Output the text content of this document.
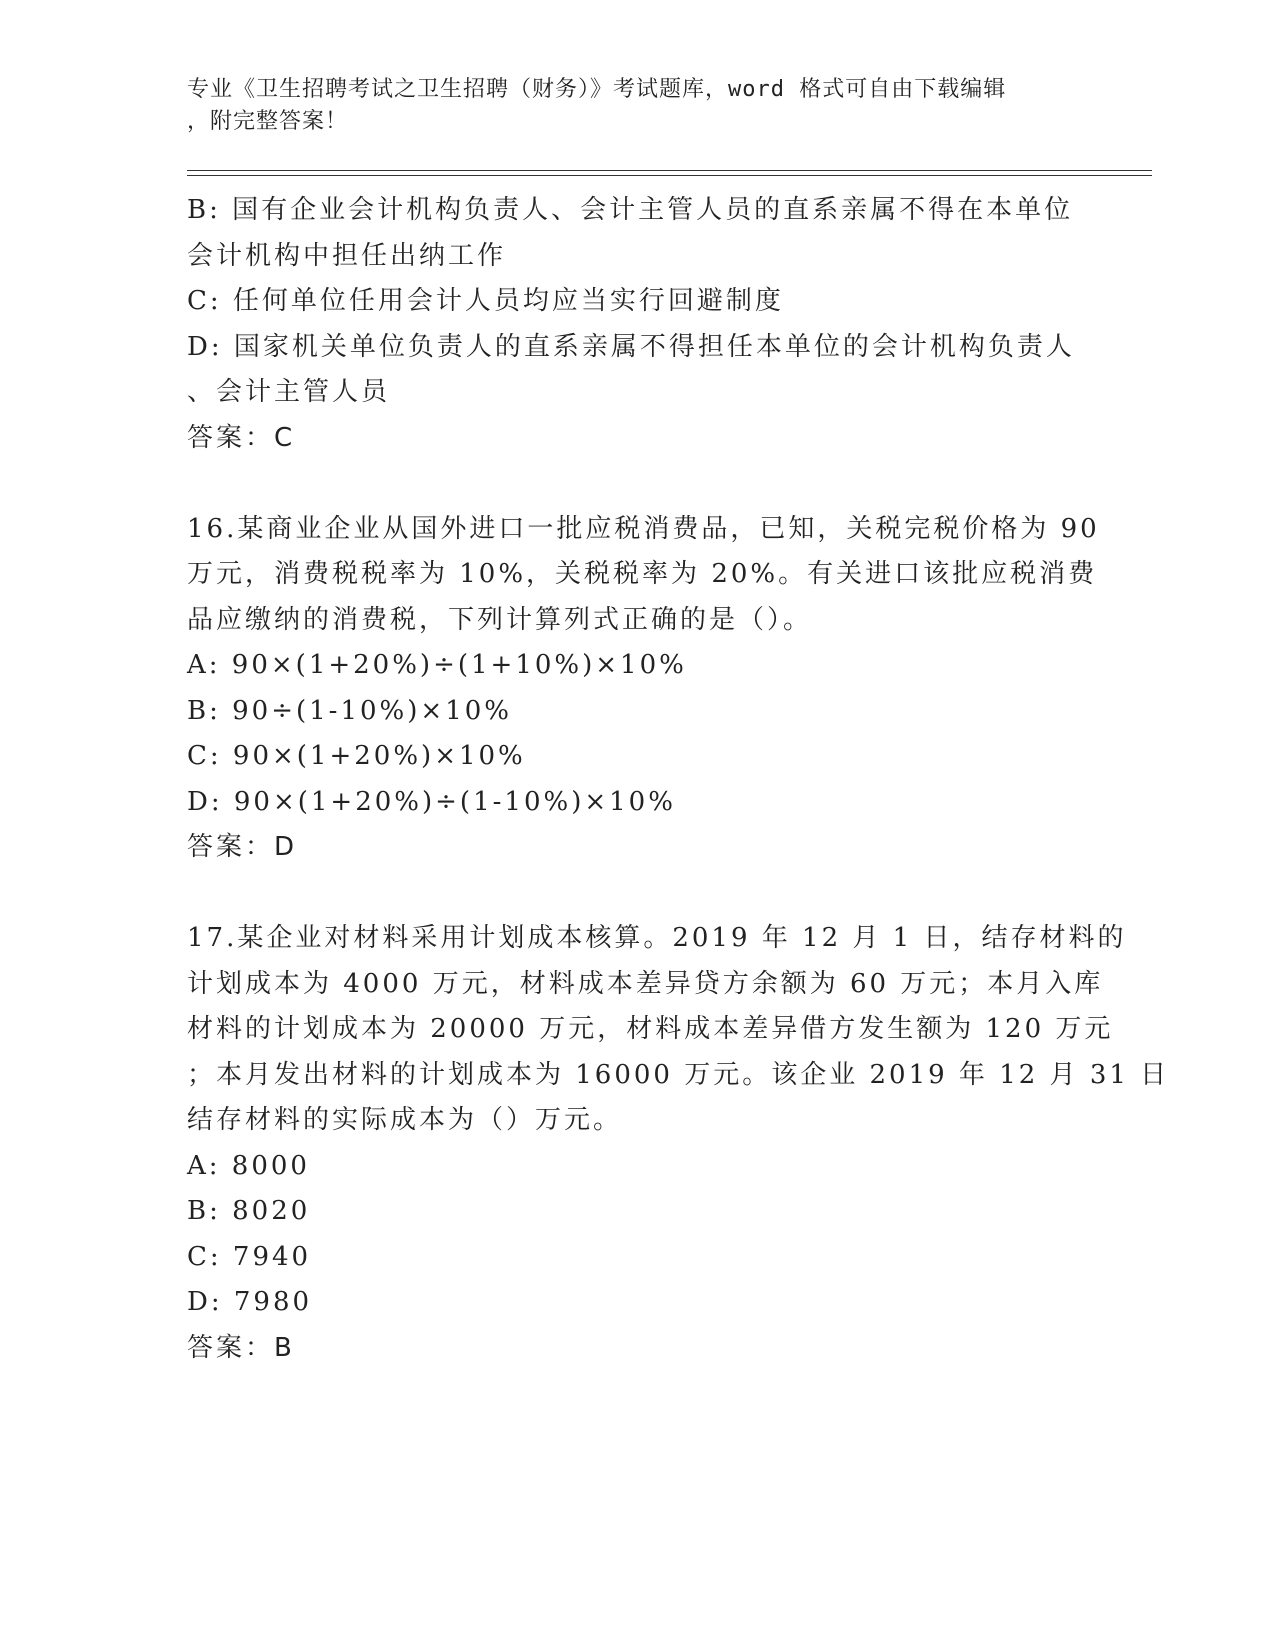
专业《卫生招聘考试之卫生招聘（财务）》考试题库，word 格式可自由下载编辑
，附完整答案！
B: 国有企业会计机构负责人、会计主管人员的直系亲属不得在本单位
会计机构中担任出纳工作
C: 任何单位任用会计人员均应当实行回避制度
D: 国家机关单位负责人的直系亲属不得担任本单位的会计机构负责人
、会计主管人员
答案：C
16.某商业企业从国外进口一批应税消费品，已知，关税完税价格为 90
万元，消费税税率为 10%，关税税率为 20%。有关进口该批应税消费
品应缴纳的消费税，下列计算列式正确的是（）。
A: 90×(1+20%)÷(1+10%)×10%
B: 90÷(1-10%)×10%
C: 90×(1+20%)×10%
D: 90×(1+20%)÷(1-10%)×10%
答案：D
17.某企业对材料采用计划成本核算。2019 年 12 月 1 日，结存材料的
计划成本为 4000 万元，材料成本差异贷方余额为 60 万元；本月入库
材料的计划成本为 20000 万元，材料成本差异借方发生额为 120 万元
；本月发出材料的计划成本为 16000 万元。该企业 2019 年 12 月 31 日
结存材料的实际成本为（）万元。
A: 8000
B: 8020
C: 7940
D: 7980
答案：B
